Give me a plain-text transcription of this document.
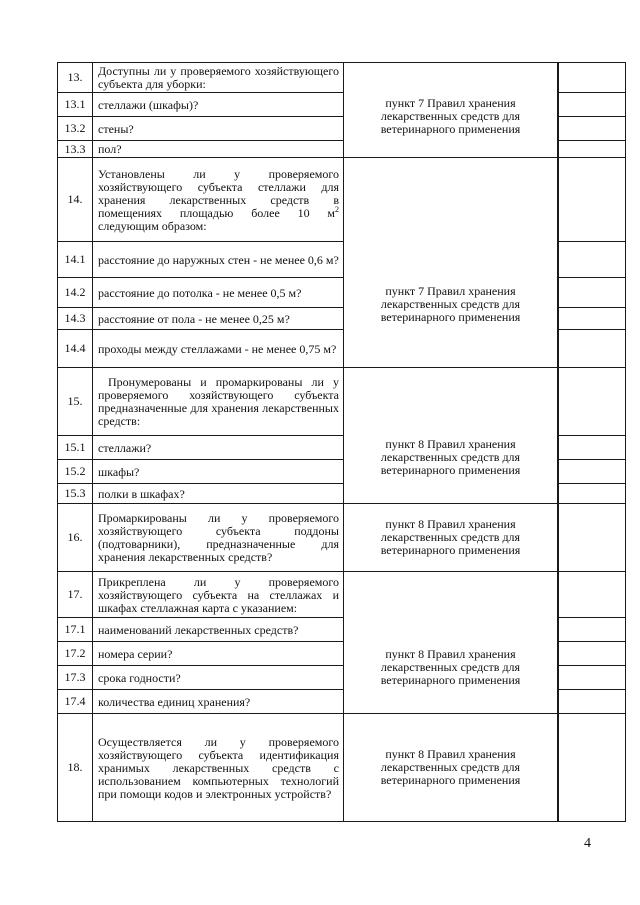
13.	Доступны ли у проверяемого хозяйствующего субъекта для уборки:	пункт 7 Правил хранения лекарственных средств для ветеринарного применения		
13.1	стеллажи (шкафы)?		
13.2	стены?		
13.3	пол?		
14.	Установлены ли у проверяемого хозяйствующего субъекта стеллажи для хранения лекарственных средств в помещениях площадью более 10 $м^2$ следующим образом:	пункт 7 Правил хранения лекарственных средств для ветеринарного применения		
14.1	расстояние до наружных стен - не менее 0,6 м?		
14.2	расстояние до потолка - не менее 0,5 м?		
14.3	расстояние от пола - не менее 0,25 м?		
14.4	проходы между стеллажами - не менее 0,75 м?		
15.	Пронумерованы и промаркированы ли у проверяемого хозяйствующего субъекта предназначенные для хранения лекарственных средств:	пункт 8 Правил хранения лекарственных средств для ветеринарного применения		
15.1	стеллажи?		
15.2	шкафы?		
15.3	полки в шкафах?		
16.	Промаркированы ли у проверяемого хозяйствующего субъекта поддоны (подтоварники), предназначенные для хранения лекарственных средств?	пункт 8 Правил хранения лекарственных средств для ветеринарного применения		
17.	Прикреплена ли у проверяемого хозяйствующего субъекта на стеллажах и шкафах стеллажная карта с указанием:	пункт 8 Правил хранения лекарственных средств для ветеринарного применения		
17.1	наименований лекарственных средств?		
17.2	номера серии?		
17.3	срока годности?		
17.4	количества единиц хранения?		
18.	Осуществляется ли у проверяемого хозяйствующего субъекта идентификация хранимых лекарственных средств с использованием компьютерных технологий при помощи кодов и электронных устройств?	пункт 8 Правил хранения лекарственных средств для ветеринарного применения		
4
